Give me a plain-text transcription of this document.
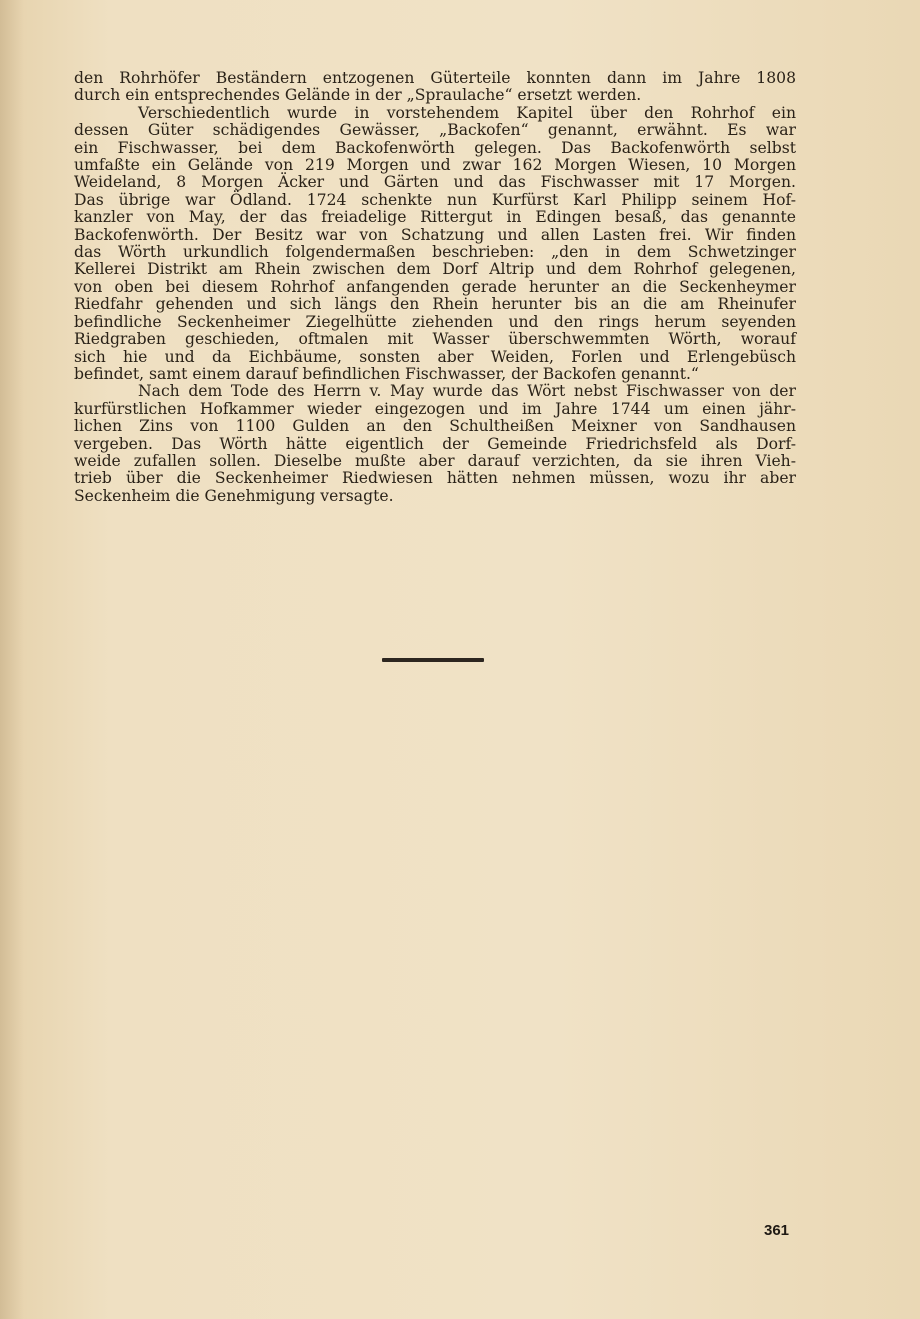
den Rohrhöfer Beständern entzogenen Güterteile konnten dann im Jahre 1808
durch ein entsprechendes Gelände in der „Spraulache“ ersetzt werden.
Verschiedentlich wurde in vorstehendem Kapitel über den Rohrhof ein
dessen Güter schädigendes Gewässer, „Backofen“ genannt, erwähnt. Es war
ein Fischwasser, bei dem Backofenwörth gelegen. Das Backofenwörth selbst
umfaßte ein Gelände von 219 Morgen und zwar 162 Morgen Wiesen, 10 Morgen
Weideland, 8 Morgen Äcker und Gärten und das Fischwasser mit 17 Morgen.
Das übrige war Ödland. 1724 schenkte nun Kurfürst Karl Philipp seinem Hof-
kanzler von May, der das freiadelige Rittergut in Edingen besaß, das genannte
Backofenwörth. Der Besitz war von Schatzung und allen Lasten frei. Wir finden
das Wörth urkundlich folgendermaßen beschrieben: „den in dem Schwetzinger
Kellerei Distrikt am Rhein zwischen dem Dorf Altrip und dem Rohrhof gelegenen,
von oben bei diesem Rohrhof anfangenden gerade herunter an die Seckenheymer
Riedfahr gehenden und sich längs den Rhein herunter bis an die am Rheinufer
befindliche Seckenheimer Ziegelhütte ziehenden und den rings herum seyenden
Riedgraben geschieden, oftmalen mit Wasser überschwemmten Wörth, worauf
sich hie und da Eichbäume, sonsten aber Weiden, Forlen und Erlengebüsch
befindet, samt einem darauf befindlichen Fischwasser, der Backofen genannt.“
Nach dem Tode des Herrn v. May wurde das Wört nebst Fischwasser von der
kurfürstlichen Hofkammer wieder eingezogen und im Jahre 1744 um einen jähr-
lichen Zins von 1100 Gulden an den Schultheißen Meixner von Sandhausen
vergeben. Das Wörth hätte eigentlich der Gemeinde Friedrichsfeld als Dorf-
weide zufallen sollen. Dieselbe mußte aber darauf verzichten, da sie ihren Vieh-
trieb über die Seckenheimer Riedwiesen hätten nehmen müssen, wozu ihr aber
Seckenheim die Genehmigung versagte.
361
